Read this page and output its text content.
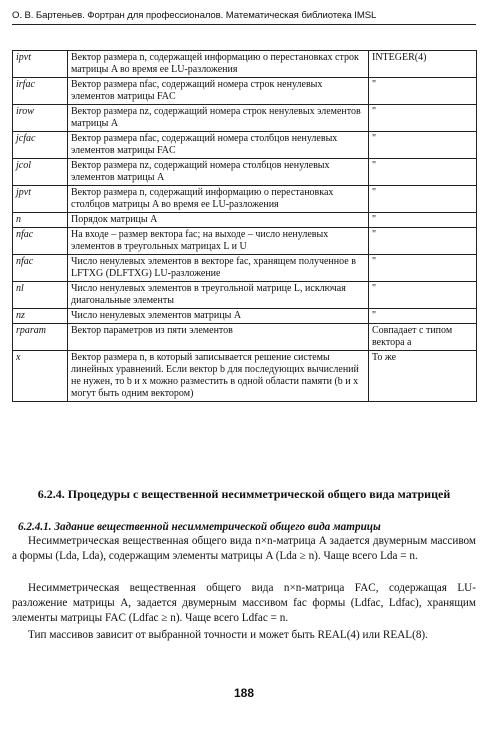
О. В. Бартеньев. Фортран для профессионалов. Математическая библиотека IMSL
ipvt	Вектор размера n, содержащей информацию о перестановках строк матрицы A во время ее LU-разложения	INTEGER(4)
irfac	Вектор размера nfac, содержащий номера строк ненулевых элементов матрицы FAC	"
irow	Вектор размера nz, содержащий номера строк ненулевых элементов матрицы A	"
jcfac	Вектор размера nfac, содержащий номера столбцов ненулевых элементов матрицы FAC	"
jcol	Вектор размера nz, содержащий номера столбцов ненулевых элементов матрицы A	"
jpvt	Вектор размера n, содержащий информацию о перестановках столбцов матрицы A во время ее LU-разложения	"
n	Порядок матрицы A	"
nfac	На входе – размер вектора fac; на выходе – число ненулевых элементов в треугольных матрицах L и U	"
nfac	Число ненулевых элементов в векторе fac, хранящем полученное в LFTXG (DLFTXG) LU-разложение	"
nl	Число ненулевых элементов в треугольной матрице L, исключая диагональные элементы	"
nz	Число ненулевых элементов матрицы A	"
rparam	Вектор параметров из пяти элементов	Совпадает с типом вектора a
x	Вектор размера n, в который записывается решение системы линейных уравнений. Если вектор b для последующих вычислений не нужен, то b и x можно разместить в одной области памяти (b и x могут быть одним вектором)	То же
6.2.4. Процедуры с вещественной несимметрической общего вида матрицей
6.2.4.1. Задание вещественной несимметрической общего вида матрицы

Несимметрическая вещественная общего вида n×n-матрица A задается двумерным массивом a формы (Lda, Lda), содержащим элементы матрицы A (Lda ≥ n). Чаще всего Lda = n.

Несимметрическая вещественная общего вида n×n-матрица FAC, содержащая LU-разложение матрицы A, задается двумерным массивом fac формы (Ldfac, Ldfac), хранящим элементы матрицы FAC (Ldfac ≥ n). Чаще всего Ldfac = n.

Тип массивов зависит от выбранной точности и может быть REAL(4) или REAL(8).

188
